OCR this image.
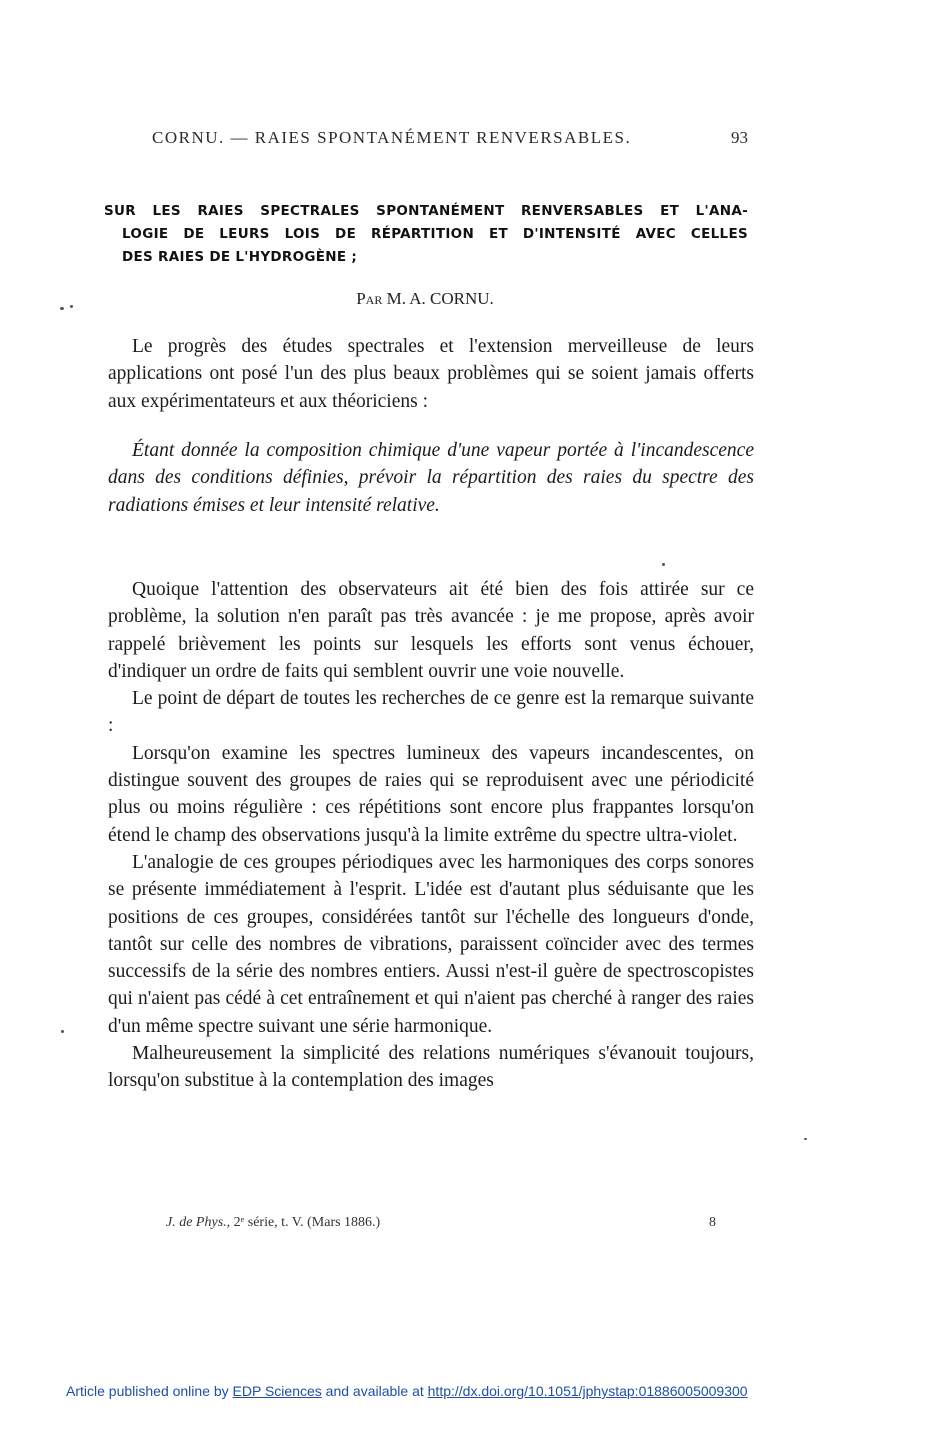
CORNU. — RAIES SPONTANÉMENT RENVERSABLES.	93
SUR LES RAIES SPECTRALES SPONTANÉMENT RENVERSABLES ET L'ANA-
LOGIE DE LEURS LOIS DE RÉPARTITION ET D'INTENSITÉ AVEC CELLES
DES RAIES DE L'HYDROGÈNE ;
Par M. A. CORNU.

Le progrès des études spectrales et l'extension merveilleuse de leurs applications ont posé l'un des plus beaux problèmes qui se soient jamais offerts aux expérimentateurs et aux théoriciens :

Étant donnée la composition chimique d'une vapeur portée à l'incandescence dans des conditions définies, prévoir la répartition des raies du spectre des radiations émises et leur intensité relative.

Quoique l'attention des observateurs ait été bien des fois attirée sur ce problème, la solution n'en paraît pas très avancée : je me propose, après avoir rappelé brièvement les points sur lesquels les efforts sont venus échouer, d'indiquer un ordre de faits qui semblent ouvrir une voie nouvelle.

Le point de départ de toutes les recherches de ce genre est la remarque suivante :

Lorsqu'on examine les spectres lumineux des vapeurs incandescentes, on distingue souvent des groupes de raies qui se reproduisent avec une périodicité plus ou moins régulière : ces répétitions sont encore plus frappantes lorsqu'on étend le champ des observations jusqu'à la limite extrême du spectre ultra-violet.

L'analogie de ces groupes périodiques avec les harmoniques des corps sonores se présente immédiatement à l'esprit. L'idée est d'autant plus séduisante que les positions de ces groupes, considérées tantôt sur l'échelle des longueurs d'onde, tantôt sur celle des nombres de vibrations, paraissent coïncider avec des termes successifs de la série des nombres entiers. Aussi n'est-il guère de spectroscopistes qui n'aient pas cédé à cet entraînement et qui n'aient pas cherché à ranger des raies d'un même spectre suivant une série harmonique.

Malheureusement la simplicité des relations numériques s'évanouit toujours, lorsqu'on substitue à la contemplation des images

J. de Phys., 2ᵉ série, t. V. (Mars 1886.)	8
Article published online by EDP Sciences and available at http://dx.doi.org/10.1051/jphystap:01886005009300
